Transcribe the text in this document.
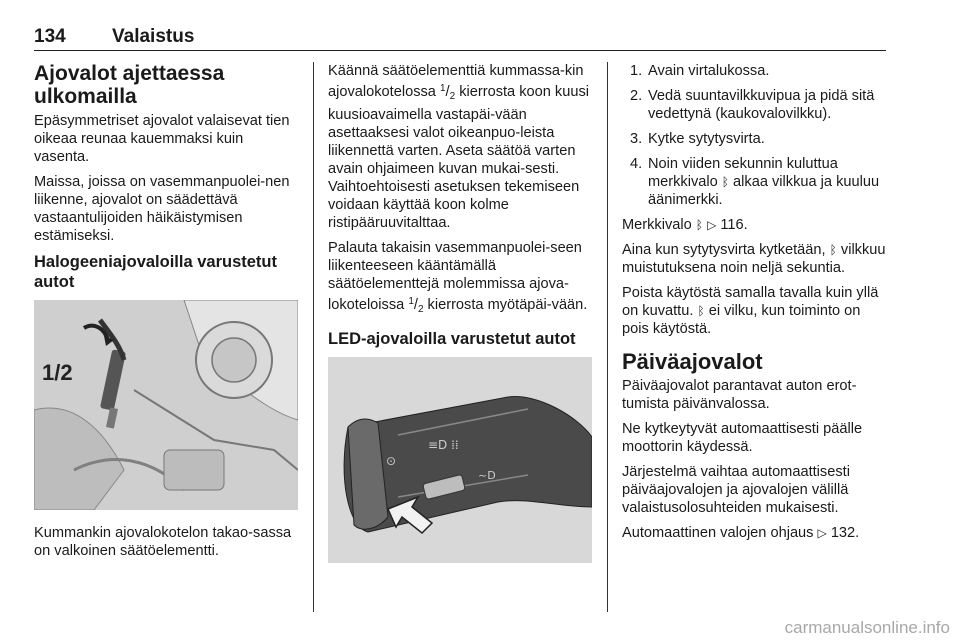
134 Valaistus
Ajovalot ajettaessa ulkomailla

Epäsymmetriset ajovalot valaisevat tien oikeaa reunaa kauemmaksi kuin vasenta.

Maissa, joissa on vasemmanpuolei-nen liikenne, ajovalot on säädettävä vastaantulijoiden häikäistymisen estämiseksi.

Halogeeniajovaloilla varustetut autot
1/2

Kummankin ajovalokotelon takao-sassa on valkoinen säätöelementti.

Käännä säätöelementtiä kummassa-kin ajovalokotelossa $^1/_2$ kierrosta koon kuusi kuusioavaimella vastapäi-vään asettaaksesi valot oikeanpuo-leista liikennettä varten. Aseta säätöä varten avain ohjaimeen kuvan mukai-sesti. Vaihtoehtoisesti asetuksen tekemiseen voidaan käyttää koon kolme ristipääruuvitalttaa.

Palauta takaisin vasemmanpuolei-seen liikenteeseen kääntämällä säätöelementtejä molemmissa ajova-lokoteloissa $^1/_2$ kierrosta myötäpäi-vään.

LED-ajovaloilla varustetut autot
≡D ⁞⁞
~D
⊙
1. Avain virtalukossa.
2. Vedä suuntavilkkuvipua ja pidä sitä vedettynä (kaukovalovilkku).
3. Kytke sytytysvirta.
4. Noin viiden sekunnin kuluttua merkkivalo ᛒ alkaa vilkkua ja kuuluu äänimerkki.

Merkkivalo ᛒ ▷ 116.

Aina kun sytytysvirta kytketään, ᛒ vilkkuu muistutuksena noin neljä sekuntia.

Poista käytöstä samalla tavalla kuin yllä on kuvattu. ᛒ ei vilku, kun toiminto on pois käytöstä.

Päiväajovalot

Päiväajovalot parantavat auton erot-tumista päivänvalossa.

Ne kytkeytyvät automaattisesti päälle moottorin käydessä.

Järjestelmä vaihtaa automaattisesti päiväajovalojen ja ajovalojen välillä valaistusolosuhteiden mukaisesti.

Automaattinen valojen ohjaus ▷ 132.

carmanualsonline.info
